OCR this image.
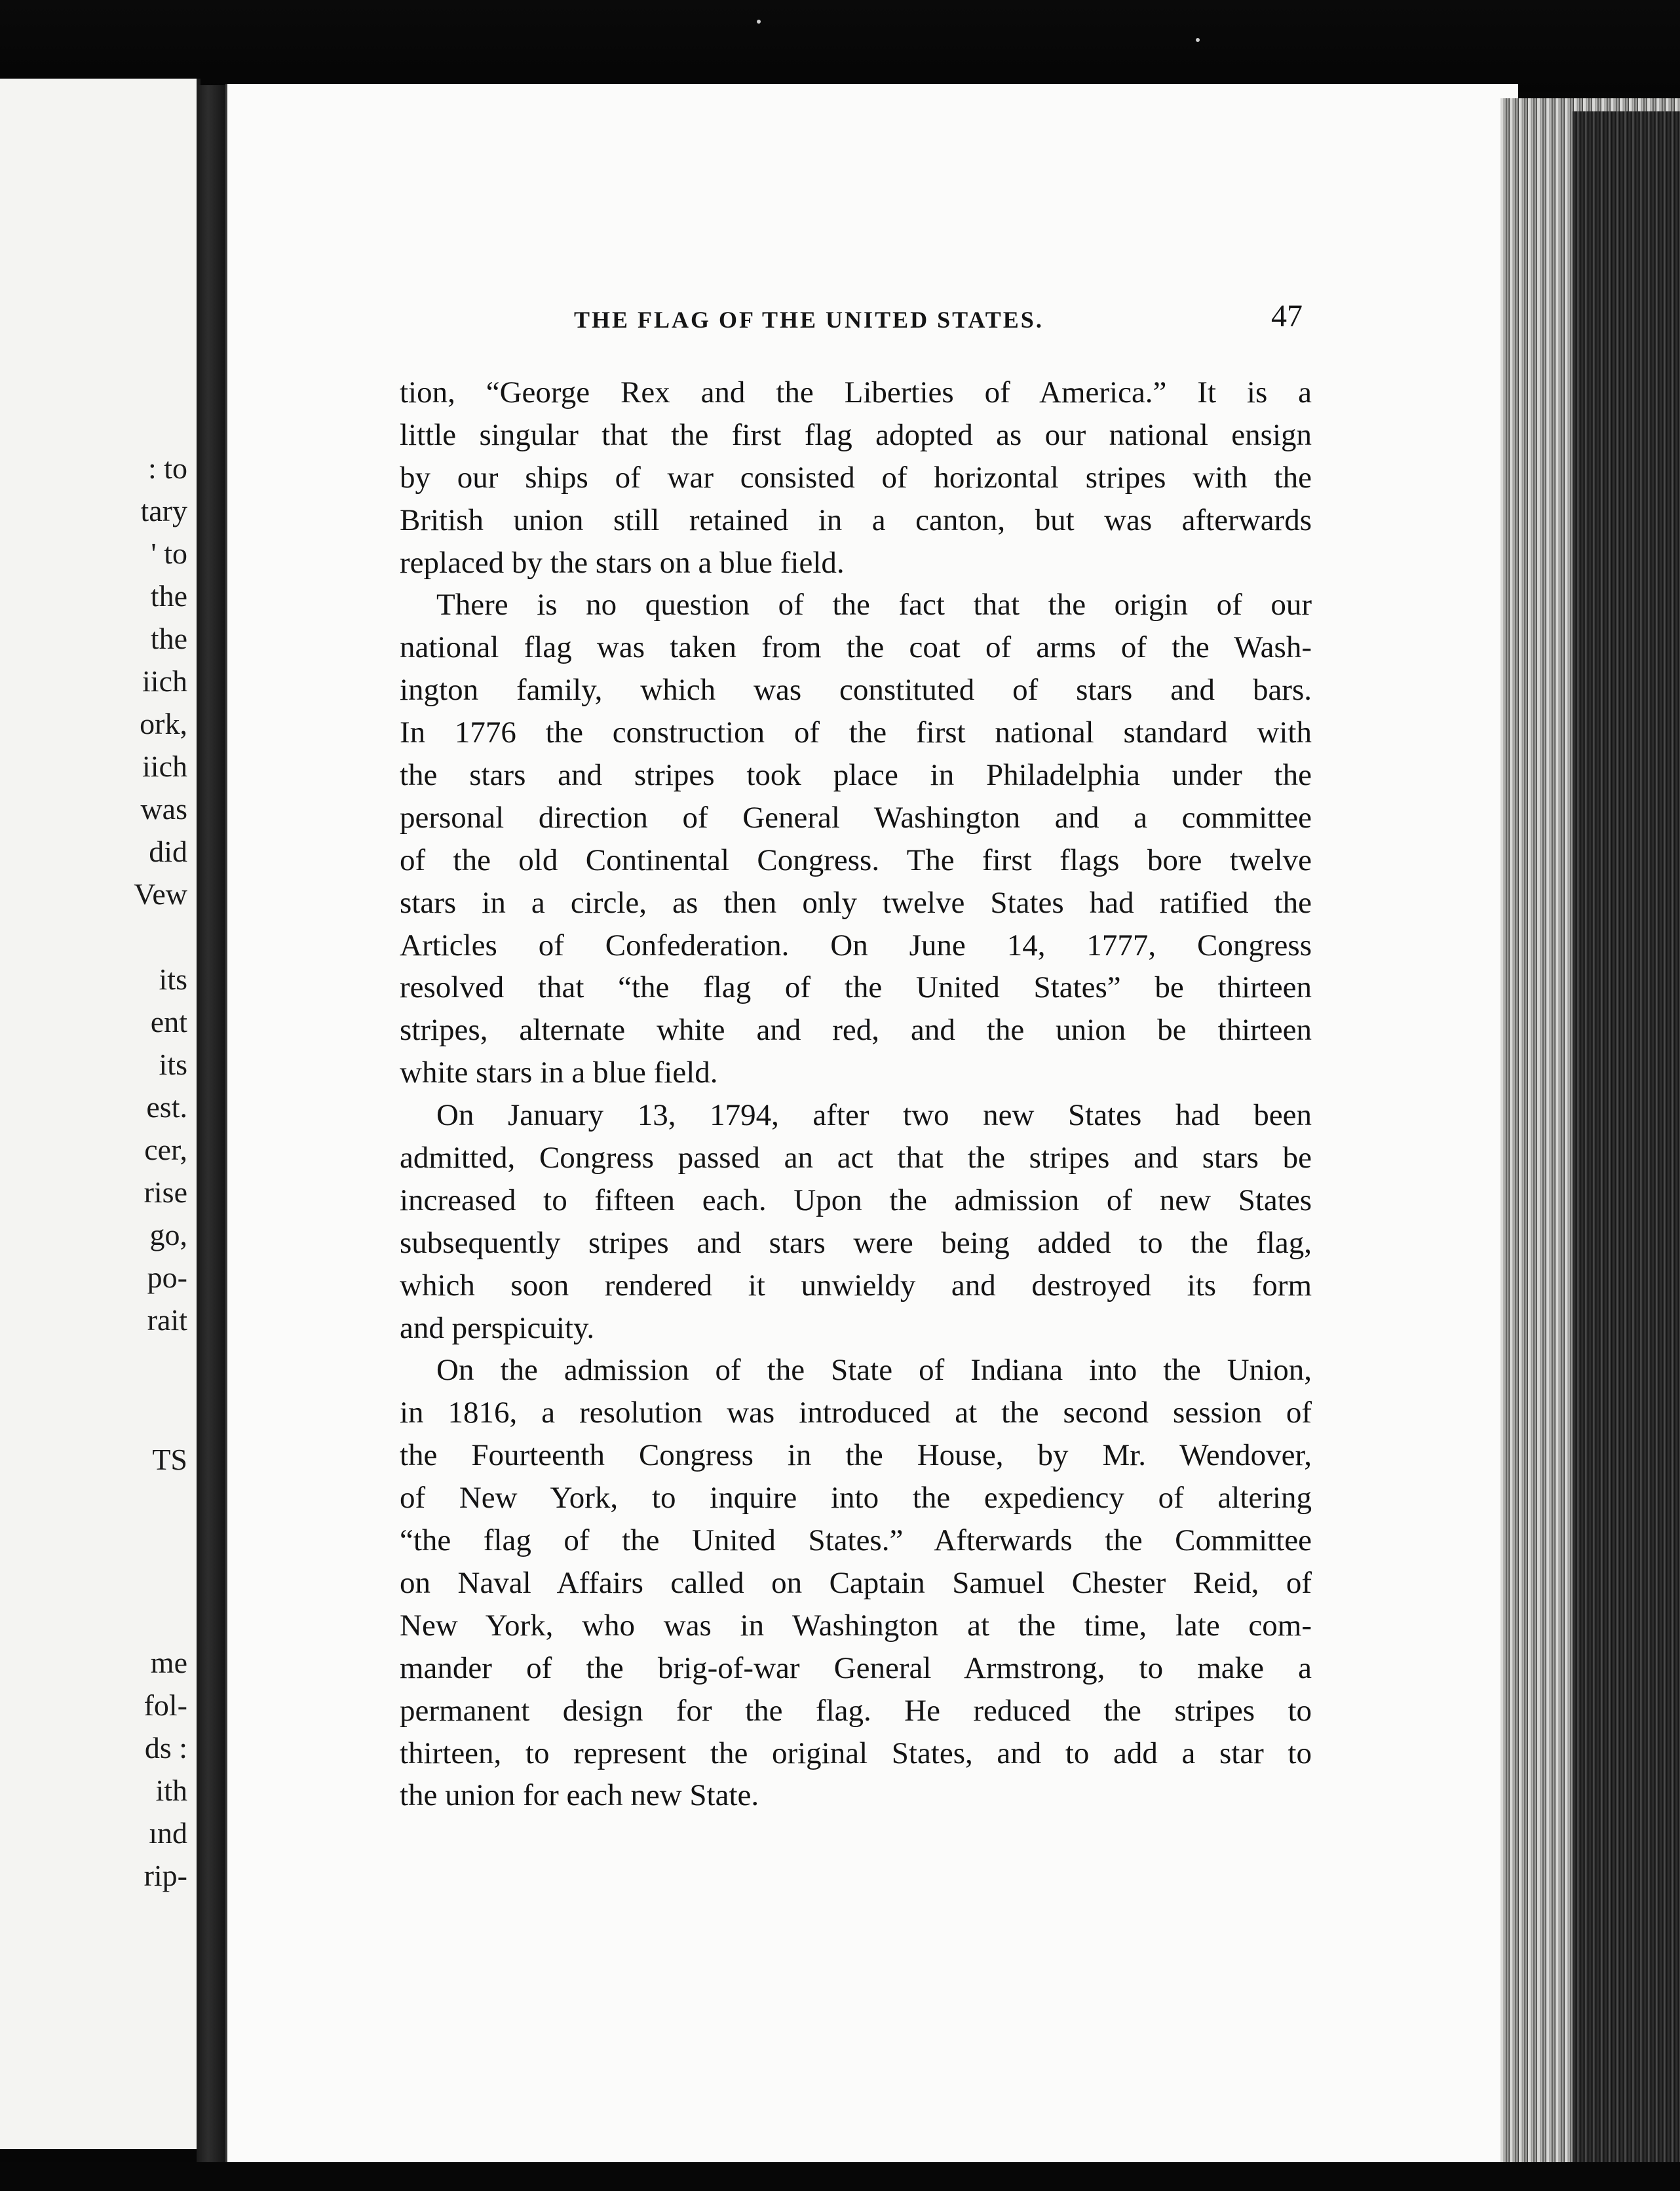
: to
tary
' to
the
the
iich
ork,
iich
was
did
Vew
its
ent
its
est.
cer,
rise
go,
po-
rait
TS
me
fol-
ds :
ith
ınd
rip-
THE FLAG OF THE UNITED STATES.	47
tion, “George Rex and the Liberties of America.” It is a
little singular that the first flag adopted as our national ensign
by our ships of war consisted of horizontal stripes with the
British union still retained in a canton, but was afterwards
replaced by the stars on a blue field.
There is no question of the fact that the origin of our
national flag was taken from the coat of arms of the Wash-
ington family, which was constituted of stars and bars.
In 1776 the construction of the first national standard with
the stars and stripes took place in Philadelphia under the
personal direction of General Washington and a committee
of the old Continental Congress. The first flags bore twelve
stars in a circle, as then only twelve States had ratified the
Articles of Confederation. On June 14, 1777, Congress
resolved that “the flag of the United States” be thirteen
stripes, alternate white and red, and the union be thirteen
white stars in a blue field.
On January 13, 1794, after two new States had been
admitted, Congress passed an act that the stripes and stars be
increased to fifteen each. Upon the admission of new States
subsequently stripes and stars were being added to the flag,
which soon rendered it unwieldy and destroyed its form
and perspicuity.
On the admission of the State of Indiana into the Union,
in 1816, a resolution was introduced at the second session of
the Fourteenth Congress in the House, by Mr. Wendover,
of New York, to inquire into the expediency of altering
“the flag of the United States.” Afterwards the Committee
on Naval Affairs called on Captain Samuel Chester Reid, of
New York, who was in Washington at the time, late com-
mander of the brig-of-war General Armstrong, to make a
permanent design for the flag. He reduced the stripes to
thirteen, to represent the original States, and to add a star to
the union for each new State.
